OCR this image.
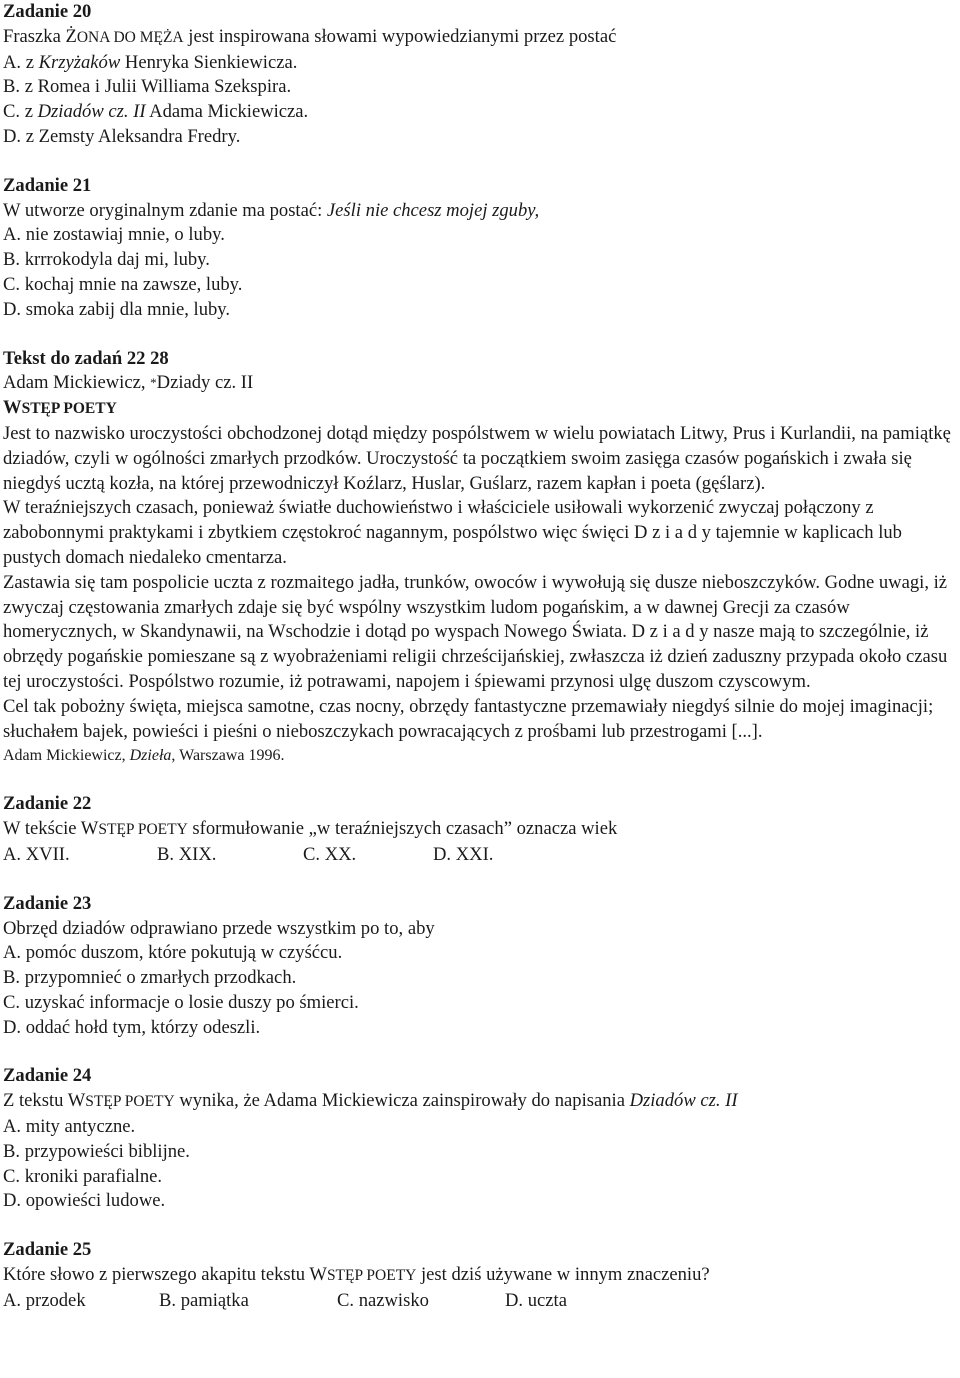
Zadanie 20

Fraszka ŻONA DO MĘŻA jest inspirowana słowami wypowiedzianymi przez postać

A. z Krzyżaków Henryka Sienkiewicza.

B. z Romea i Julii Williama Szekspira.

C. z Dziadów cz. II Adama Mickiewicza.

D. z Zemsty Aleksandra Fredry.

Zadanie 21

W utworze oryginalnym zdanie ma postać: Jeśli nie chcesz mojej zguby,

A. nie zostawiaj mnie, o luby.

B. krrrokodyla daj mi, luby.

C. kochaj mnie na zawsze, luby.

D. smoka zabij dla mnie, luby.

Tekst do zadań 22 28

Adam Mickiewicz, *Dziady cz. II

WSTĘP POETY

Jest to nazwisko uroczystości obchodzonej dotąd między pospólstwem w wielu powiatach Litwy, Prus i Kurlandii, na pamiątkę dziadów, czyli w ogólności zmarłych przodków. Uroczystość ta początkiem swoim zasięga czasów pogańskich i zwała się niegdyś ucztą kozła, na której przewodniczył Koźlarz, Huslar, Guślarz, razem kapłan i poeta (gęślarz).

W teraźniejszych czasach, ponieważ światłe duchowieństwo i właściciele usiłowali wykorzenić zwyczaj połączony z zabobonnymi praktykami i zbytkiem częstokroć nagannym, pospólstwo więc święci D z i a d y tajemnie w kaplicach lub pustych domach niedaleko cmentarza.

Zastawia się tam pospolicie uczta z rozmaitego jadła, trunków, owoców i wywołują się dusze nieboszczyków. Godne uwagi, iż zwyczaj częstowania zmarłych zdaje się być wspólny wszystkim ludom pogańskim, a w dawnej Grecji za czasów homerycznych, w Skandynawii, na Wschodzie i dotąd po wyspach Nowego Świata. D z i a d y nasze mają to szczególnie, iż obrzędy pogańskie pomieszane są z wyobrażeniami religii chrześcijańskiej, zwłaszcza iż dzień zaduszny przypada około czasu tej uroczystości. Pospólstwo rozumie, iż potrawami, napojem i śpiewami przynosi ulgę duszom czyscowym.

Cel tak pobożny święta, miejsca samotne, czas nocny, obrzędy fantastyczne przemawiały niegdyś silnie do mojej imaginacji; słuchałem bajek, powieści i pieśni o nieboszczykach powracających z prośbami lub przestrogami [...].

Adam Mickiewicz, Dzieła, Warszawa 1996.

Zadanie 22

W tekście WSTĘP POETY sformułowanie „w teraźniejszych czasach” oznacza wiek

A. XVII.	B. XIX.	C. XX.	D. XXI.

Zadanie 23

Obrzęd dziadów odprawiano przede wszystkim po to, aby

A. pomóc duszom, które pokutują w czyśćcu.

B. przypomnieć o zmarłych przodkach.

C. uzyskać informacje o losie duszy po śmierci.

D. oddać hołd tym, którzy odeszli.

Zadanie 24

Z tekstu WSTĘP POETY wynika, że Adama Mickiewicza zainspirowały do napisania Dziadów cz. II

A. mity antyczne.

B. przypowieści biblijne.

C. kroniki parafialne.

D. opowieści ludowe.

Zadanie 25

Które słowo z pierwszego akapitu tekstu WSTĘP POETY jest dziś używane w innym znaczeniu?

A. przodek	B. pamiątka	C. nazwisko	D. uczta
